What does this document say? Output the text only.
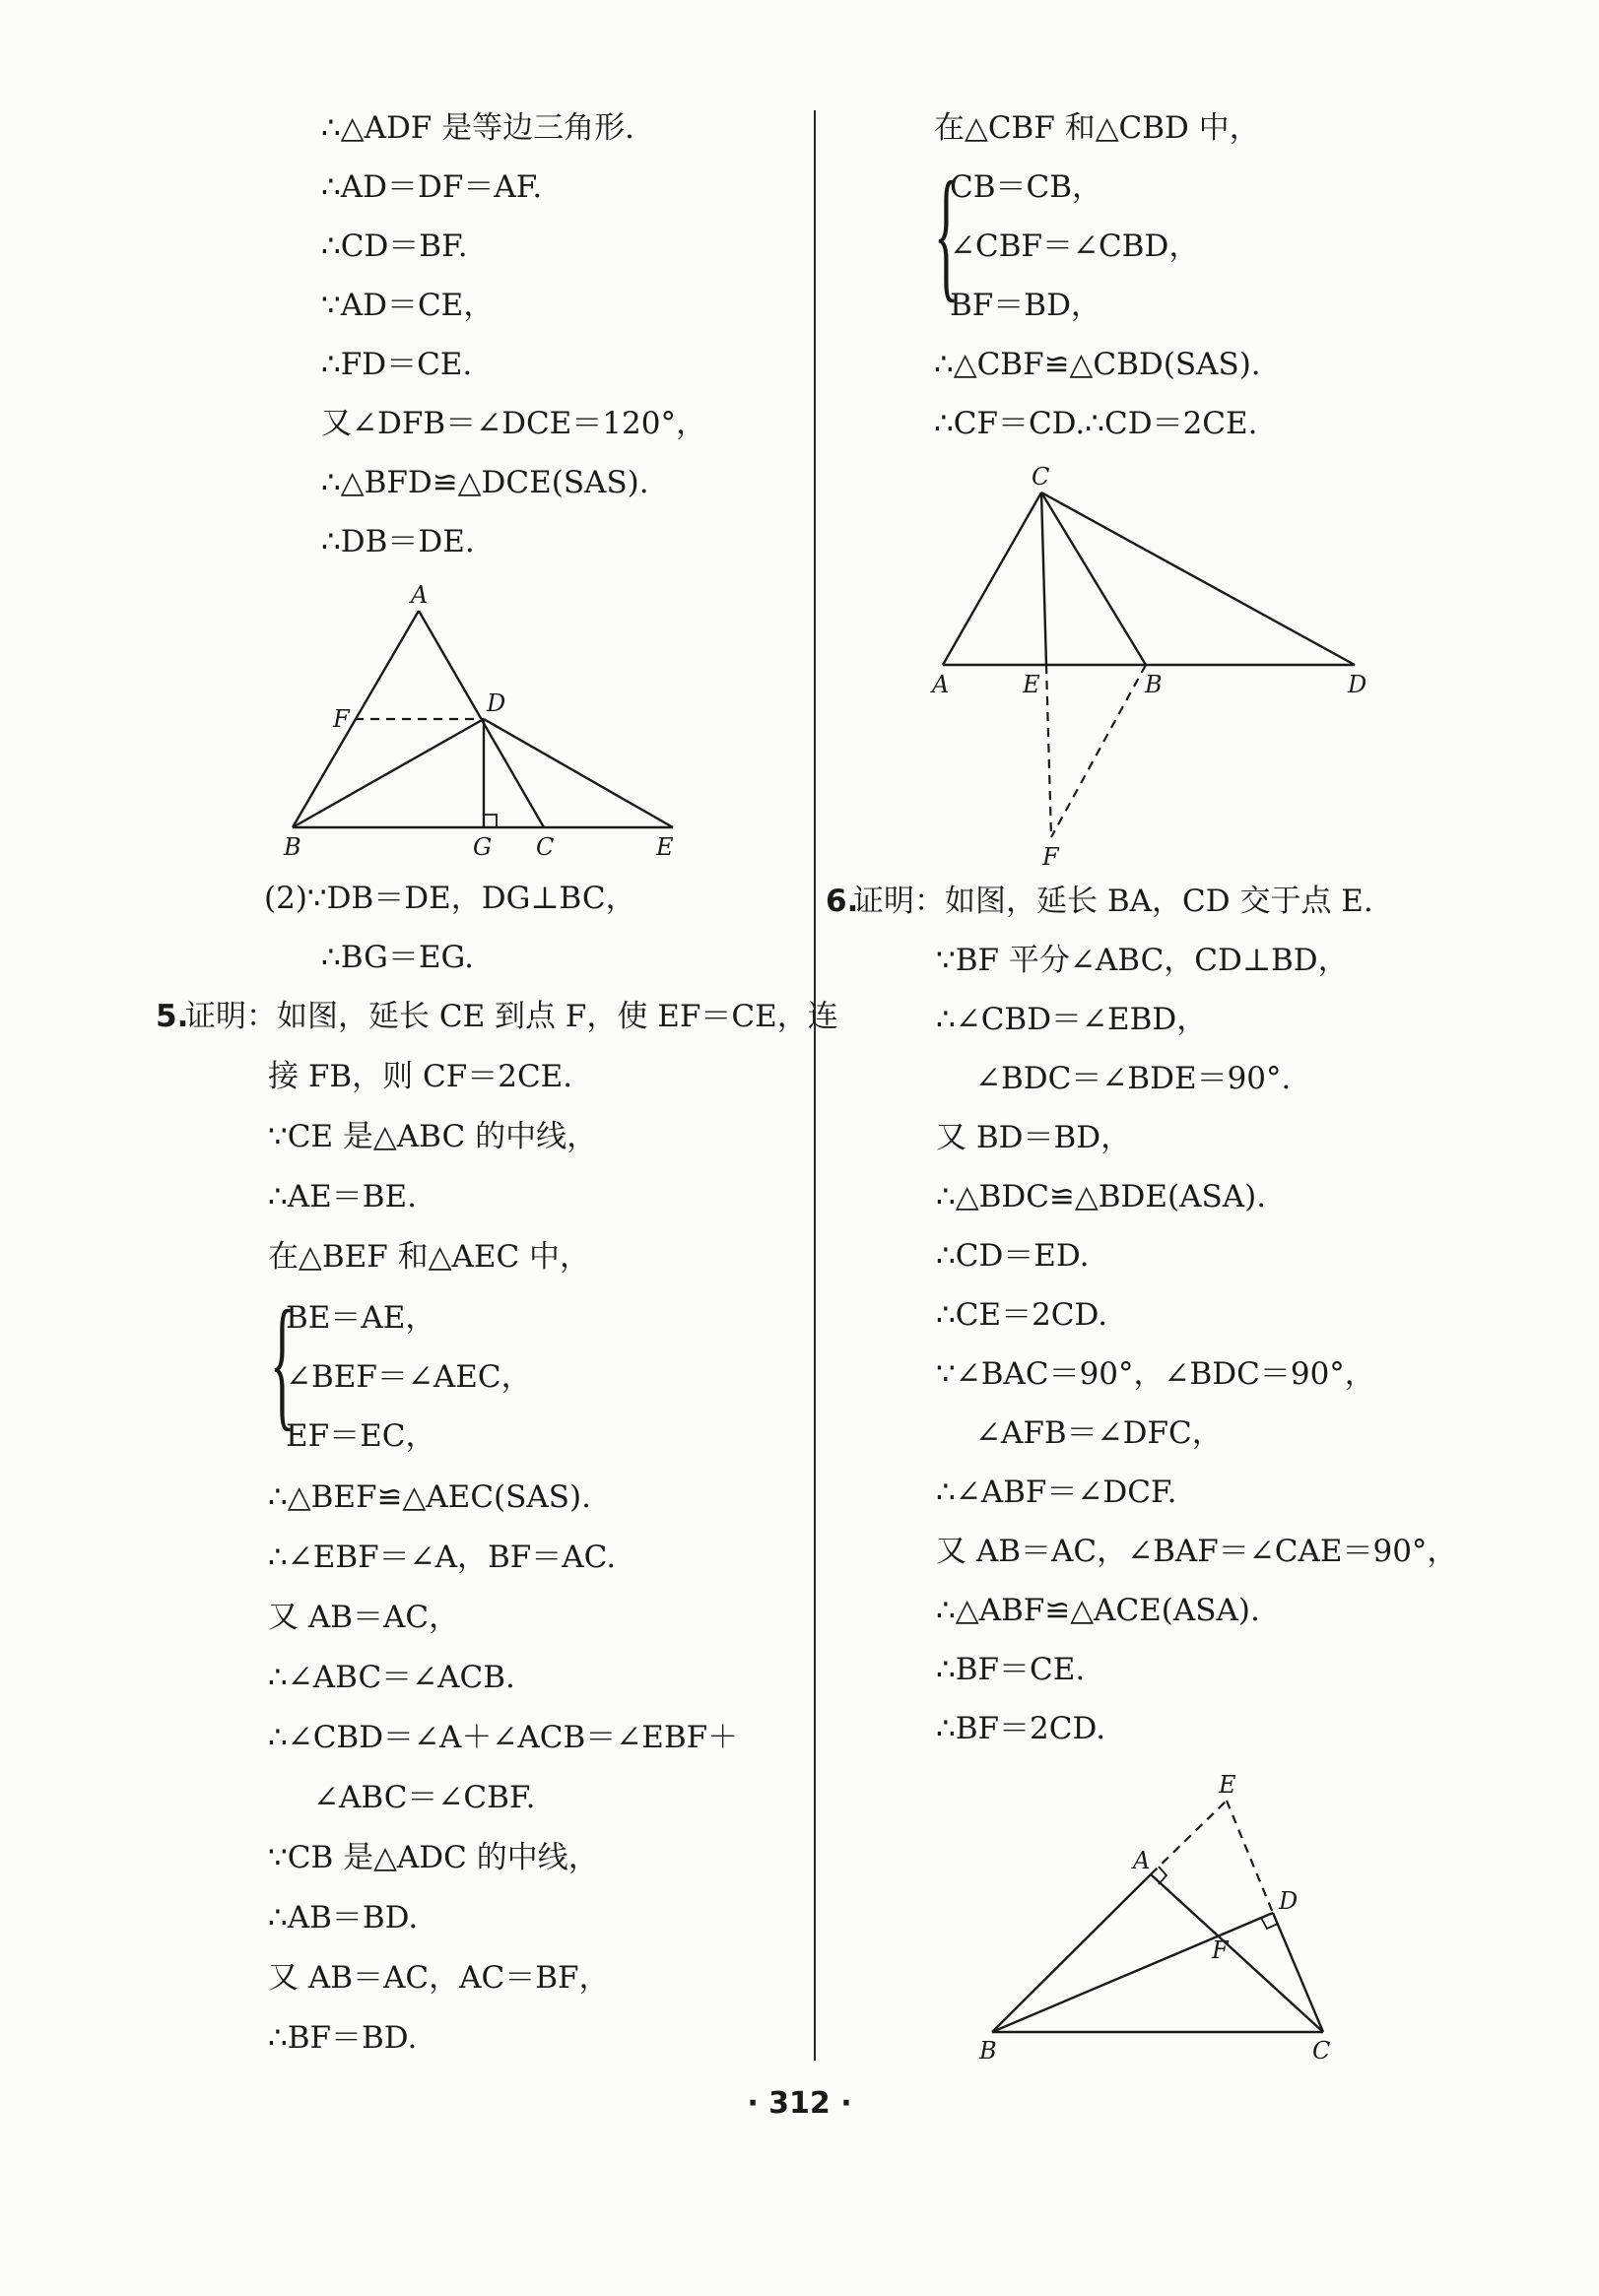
∴△ADF 是等边三角形.
∴AD＝DF＝AF.
∴CD＝BF.
∵AD＝CE，
∴FD＝CE.
又∠DFB＝∠DCE＝120°，
∴△BFD≌△DCE(SAS).
∴DB＝DE.
A
F
D
B	G C	E
(2)∵DB＝DE，DG⊥BC，
∴BG＝EG.
5.
证明：如图，延长 CE 到点 F，使 EF＝CE，连
接 FB，则 CF＝2CE.
∵CE 是△ABC 的中线，
∴AE＝BE.
在△BEF 和△AEC 中，
{
BE＝AE，
∠BEF＝∠AEC，
EF＝EC，
∴△BEF≌△AEC(SAS).
∴∠EBF＝∠A，BF＝AC.
又 AB＝AC，
∴∠ABC＝∠ACB.
∴∠CBD＝∠A＋∠ACB＝∠EBF＋
∠ABC＝∠CBF.
∵CB 是△ADC 的中线，
∴AB＝BD.
又 AB＝AC，AC＝BF，
∴BF＝BD.
在△CBF 和△CBD 中，
{
CB＝CB，
∠CBF＝∠CBD，
BF＝BD，
∴△CBF≌△CBD(SAS).
∴CF＝CD.∴CD＝2CE.
C
A	E	B	D
F
6.
证明：如图，延长 BA，CD 交于点 E.
∵BF 平分∠ABC，CD⊥BD，
∴∠CBD＝∠EBD，
∠BDC＝∠BDE＝90°.
又 BD＝BD，
∴△BDC≌△BDE(ASA).
∴CD＝ED.
∴CE＝2CD.
∵∠BAC＝90°，∠BDC＝90°，
∠AFB＝∠DFC，
∴∠ABF＝∠DCF.
又 AB＝AC，∠BAF＝∠CAE＝90°，
∴△ABF≌△ACE(ASA).
∴BF＝CE.
∴BF＝2CD.
E
A
D
F
B	C
· 312 ·
